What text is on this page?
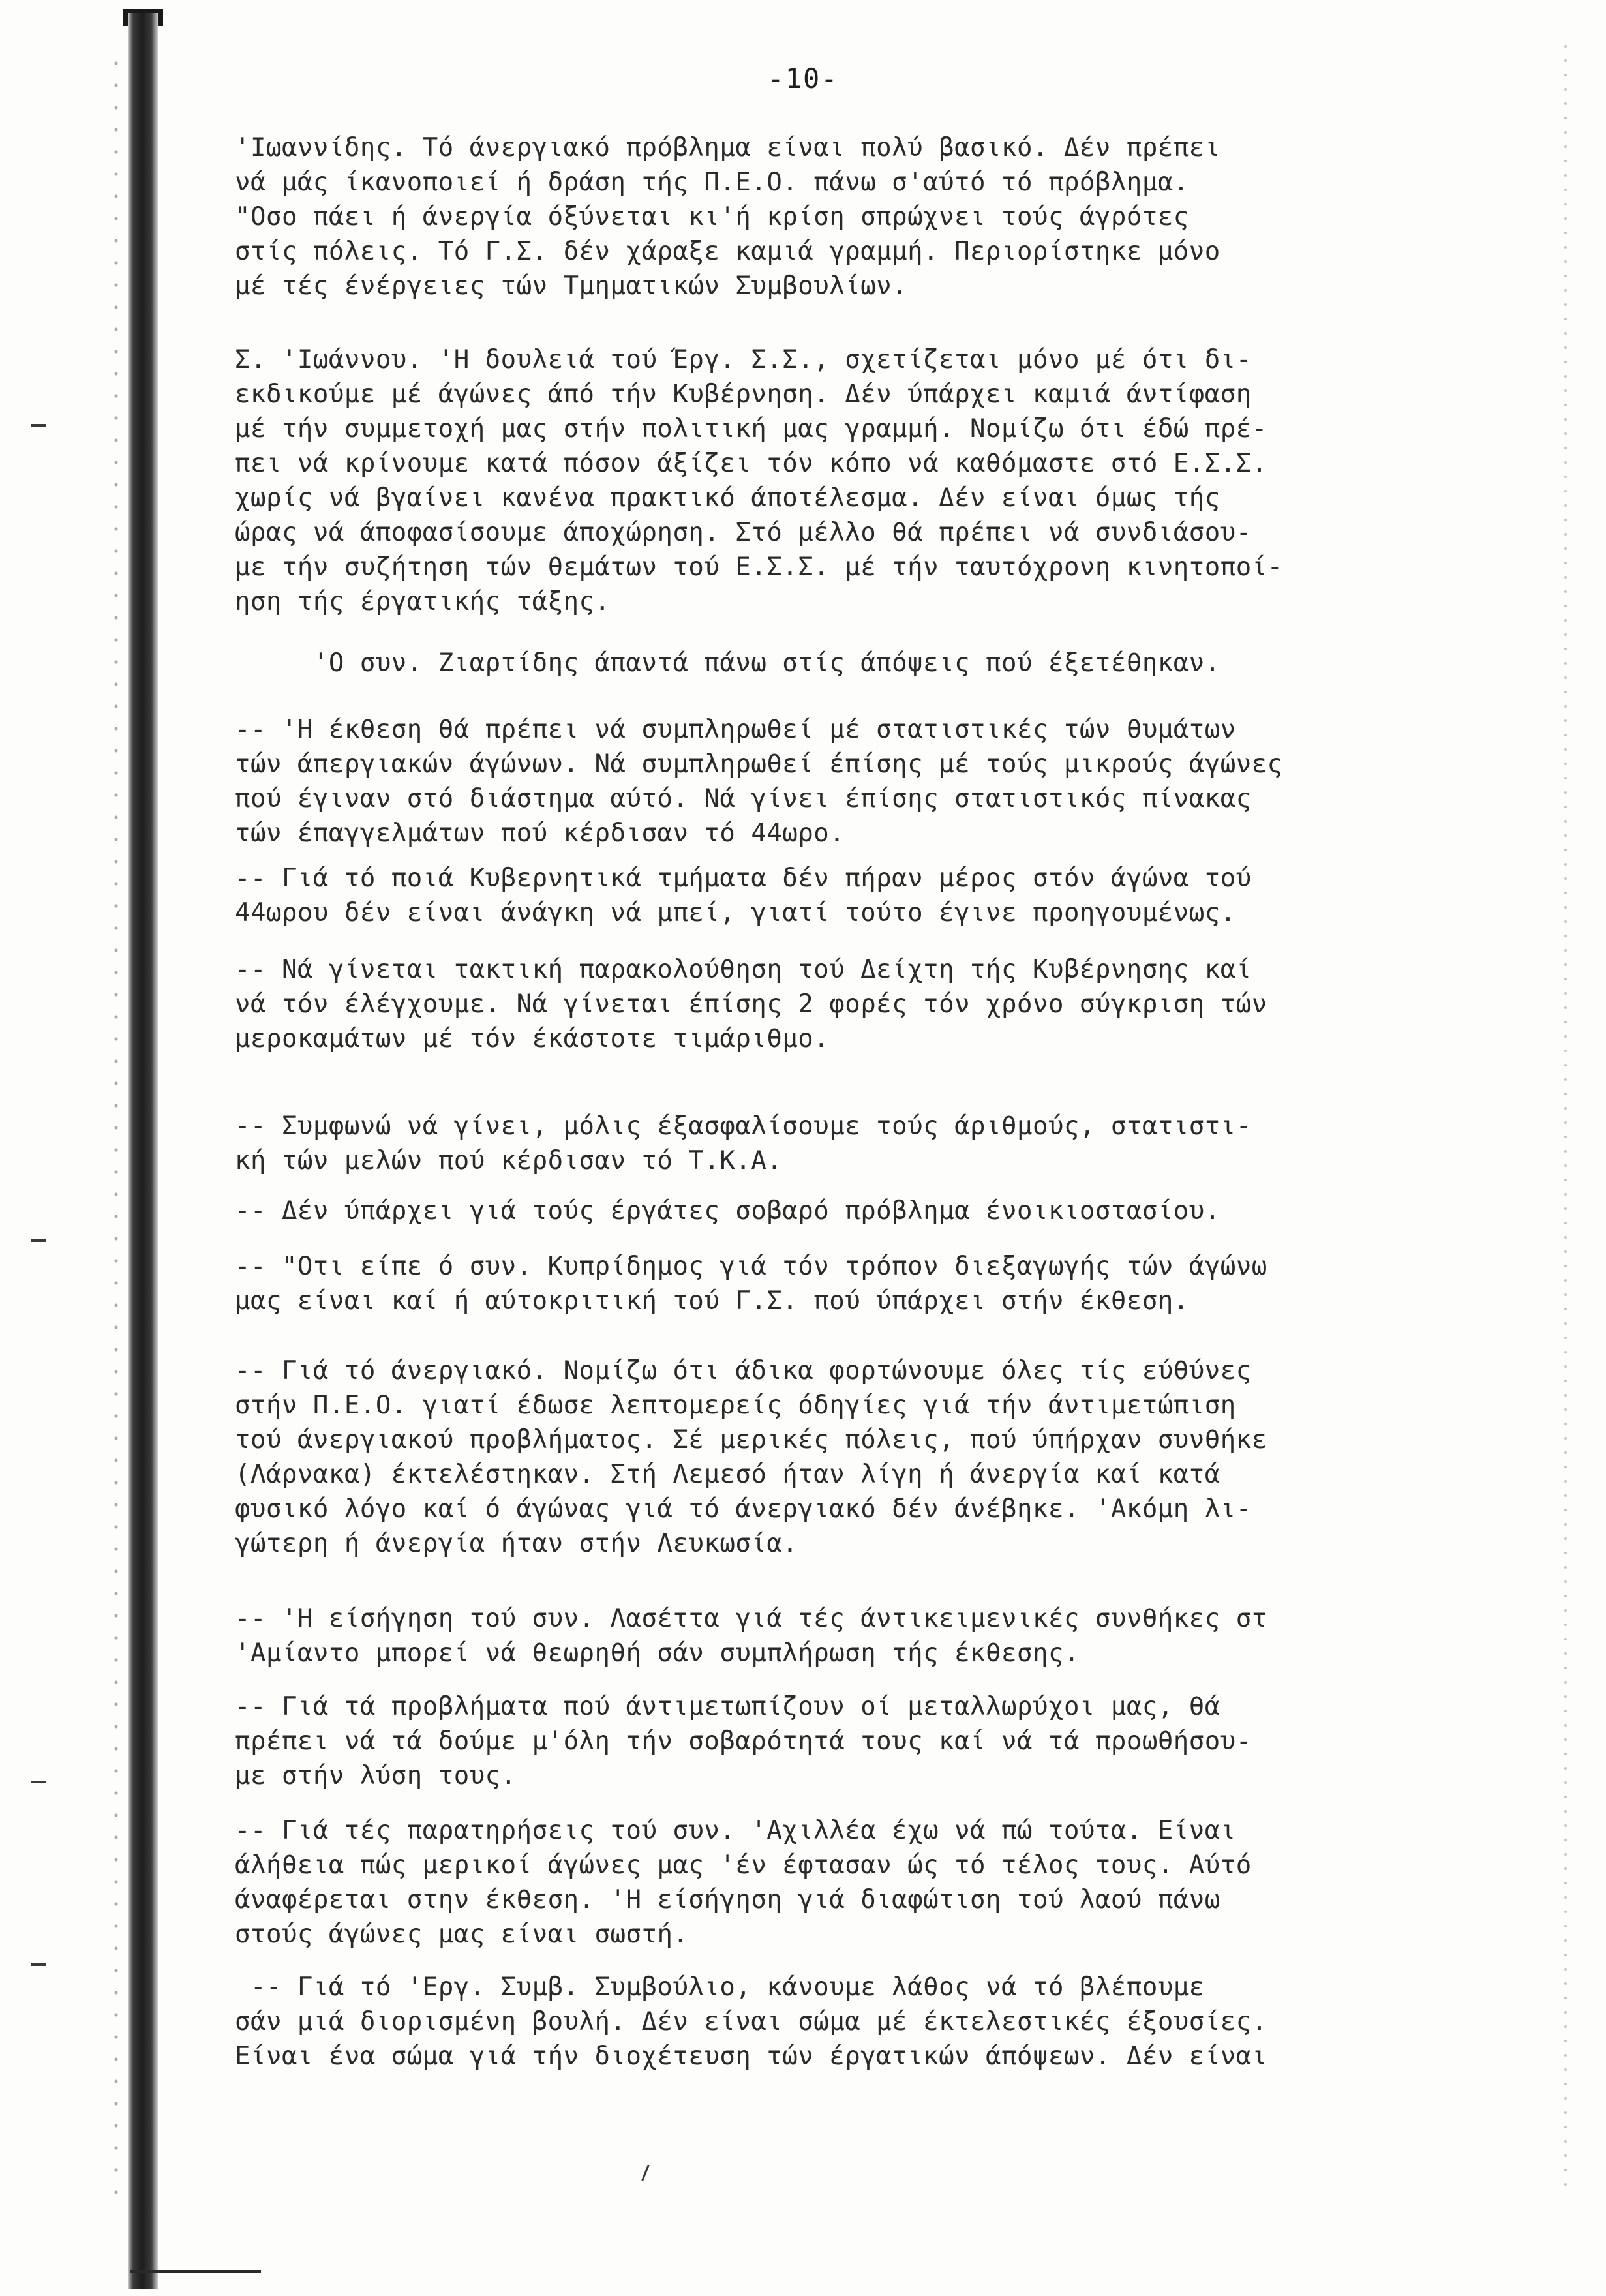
-10-
'Ιωαννίδης. Τό άνεργιακό πρόβλημα είναι πολύ βασικό. Δέν πρέπει
νά μάς ίκανοποιεί ή δράση τής Π.Ε.Ο. πάνω σ'αύτό τό πρόβλημα.
"Οσο πάει ή άνεργία όξύνεται κι'ή κρίση σπρώχνει τούς άγρότες
στίς πόλεις. Τό Γ.Σ. δέν χάραξε καμιά γραμμή. Περιορίστηκε μόνο
μέ τές ένέργειες τών Τμηματικών Συμβουλίων.
Σ. 'Ιωάννου. 'Η δουλειά τού Έργ. Σ.Σ., σχετίζεται μόνο μέ ότι δι-
εκδικούμε μέ άγώνες άπό τήν Κυβέρνηση. Δέν ύπάρχει καμιά άντίφαση
μέ τήν συμμετοχή μας στήν πολιτική μας γραμμή. Νομίζω ότι έδώ πρέ-
πει νά κρίνουμε κατά πόσον άξίζει τόν κόπο νά καθόμαστε στό Ε.Σ.Σ.
χωρίς νά βγαίνει κανένα πρακτικό άποτέλεσμα. Δέν είναι όμως τής
ώρας νά άποφασίσουμε άποχώρηση. Στό μέλλο θά πρέπει νά συνδιάσου-
με τήν συζήτηση τών θεμάτων τού Ε.Σ.Σ. μέ τήν ταυτόχρονη κινητοποί-
ηση τής έργατικής τάξης.
'Ο συν. Ζιαρτίδης άπαντά πάνω στίς άπόψεις πού έξετέθηκαν.
-- 'Η έκθεση θά πρέπει νά συμπληρωθεί μέ στατιστικές τών θυμάτων
τών άπεργιακών άγώνων. Νά συμπληρωθεί έπίσης μέ τούς μικρούς άγώνες
πού έγιναν στό διάστημα αύτό. Νά γίνει έπίσης στατιστικός πίνακας
τών έπαγγελμάτων πού κέρδισαν τό 44ωρο.
-- Γιά τό ποιά Κυβερνητικά τμήματα δέν πήραν μέρος στόν άγώνα τού
44ωρου δέν είναι άνάγκη νά μπεί, γιατί τούτο έγινε προηγουμένως.
-- Νά γίνεται τακτική παρακολούθηση τού Δείχτη τής Κυβέρνησης καί
νά τόν έλέγχουμε. Νά γίνεται έπίσης 2 φορές τόν χρόνο σύγκριση τών
μεροκαμάτων μέ τόν έκάστοτε τιμάριθμο.
-- Συμφωνώ νά γίνει, μόλις έξασφαλίσουμε τούς άριθμούς, στατιστι-
κή τών μελών πού κέρδισαν τό Τ.Κ.Α.
-- Δέν ύπάρχει γιά τούς έργάτες σοβαρό πρόβλημα ένοικιοστασίου.
-- "Οτι είπε ό συν. Κυπρίδημος γιά τόν τρόπον διεξαγωγής τών άγώνω
μας είναι καί ή αύτοκριτική τού Γ.Σ. πού ύπάρχει στήν έκθεση.
-- Γιά τό άνεργιακό. Νομίζω ότι άδικα φορτώνουμε όλες τίς εύθύνες
στήν Π.Ε.Ο. γιατί έδωσε λεπτομερείς όδηγίες γιά τήν άντιμετώπιση
τού άνεργιακού προβλήματος. Σέ μερικές πόλεις, πού ύπήρχαν συνθήκε
(Λάρνακα) έκτελέστηκαν. Στή Λεμεσό ήταν λίγη ή άνεργία καί κατά
φυσικό λόγο καί ό άγώνας γιά τό άνεργιακό δέν άνέβηκε. 'Ακόμη λι-
γώτερη ή άνεργία ήταν στήν Λευκωσία.
-- 'Η είσήγηση τού συν. Λασέττα γιά τές άντικειμενικές συνθήκες στ
'Αμίαντο μπορεί νά θεωρηθή σάν συμπλήρωση τής έκθεσης.
-- Γιά τά προβλήματα πού άντιμετωπίζουν οί μεταλλωρύχοι μας, θά
πρέπει νά τά δούμε μ'όλη τήν σοβαρότητά τους καί νά τά προωθήσου-
με στήν λύση τους.
-- Γιά τές παρατηρήσεις τού συν. 'Αχιλλέα έχω νά πώ τούτα. Είναι
άλήθεια πώς μερικοί άγώνες μας 'έν έφτασαν ώς τό τέλος τους. Αύτό
άναφέρεται στην έκθεση. 'Η είσήγηση γιά διαφώτιση τού λαού πάνω
στούς άγώνες μας είναι σωστή.
-- Γιά τό 'Εργ. Συμβ. Συμβούλιο, κάνουμε λάθος νά τό βλέπουμε
σάν μιά διορισμένη βουλή. Δέν είναι σώμα μέ έκτελεστικές έξουσίες.
Είναι ένα σώμα γιά τήν διοχέτευση τών έργατικών άπόψεων. Δέν είναι
